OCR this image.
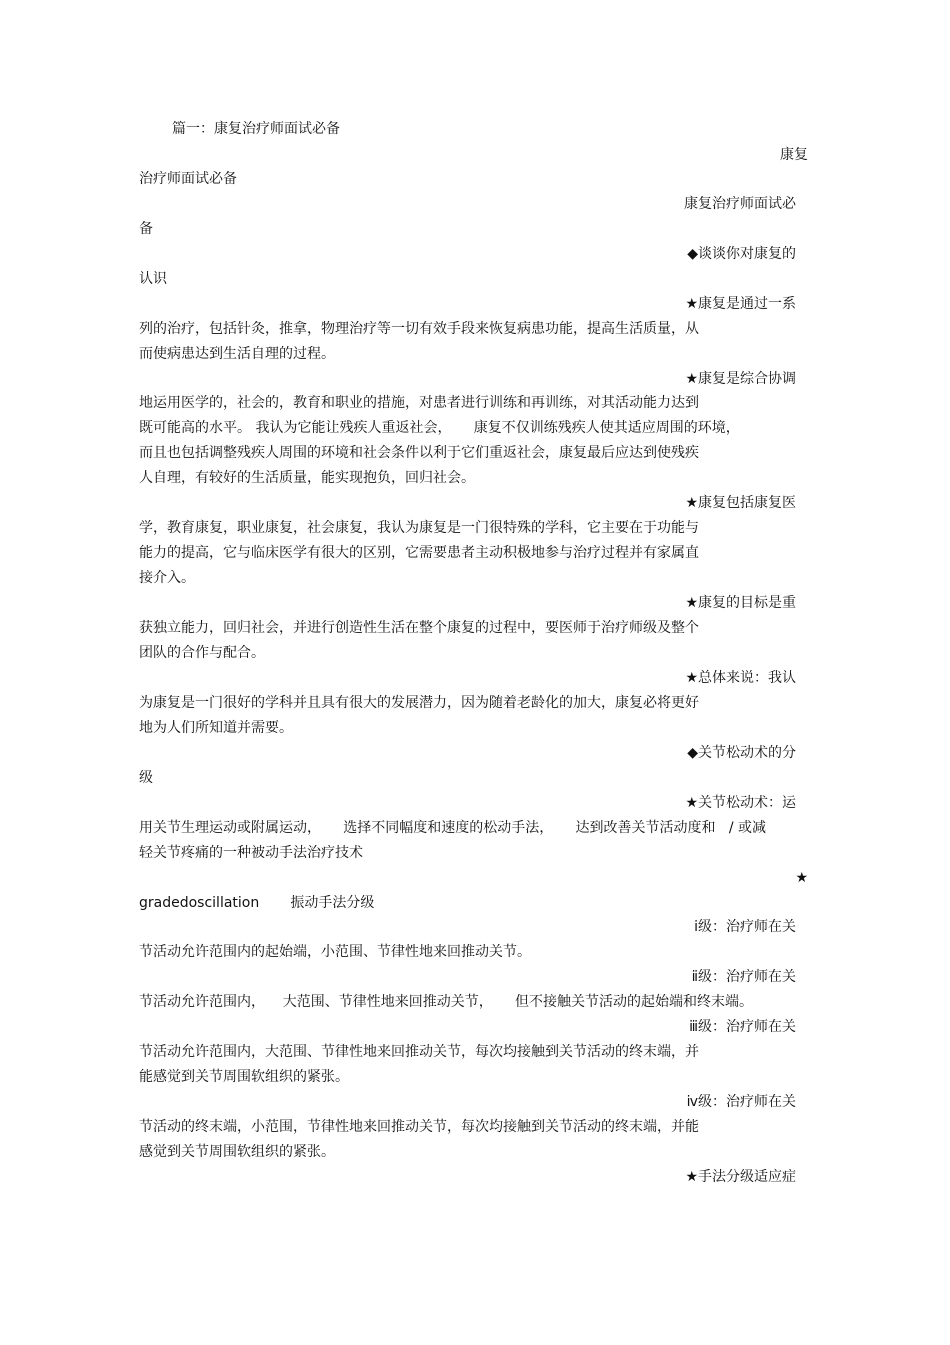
篇一：康复治疗师面试必备
康复
治疗师面试必备
康复治疗师面试必
备
◆谈谈你对康复的
认识
★康复是通过一系
列的治疗，包括针灸，推拿，物理治疗等一切有效手段来恢复病患功能，提高生活质量，从
而使病患达到生活自理的过程。
★康复是综合协调
地运用医学的，社会的，教育和职业的措施，对患者进行训练和再训练，对其活动能力达到
既可能高的水平。 我认为它能让残疾人重返社会，     康复不仅训练残疾人使其适应周围的环境，
而且也包括调整残疾人周围的环境和社会条件以利于它们重返社会，康复最后应达到使残疾
人自理，有较好的生活质量，能实现抱负，回归社会。
★康复包括康复医
学，教育康复，职业康复，社会康复，我认为康复是一门很特殊的学科，它主要在于功能与
能力的提高，它与临床医学有很大的区别，它需要患者主动积极地参与治疗过程并有家属直
接介入。
★康复的目标是重
获独立能力，回归社会，并进行创造性生活在整个康复的过程中，要医师于治疗师级及整个
团队的合作与配合。
★总体来说：我认
为康复是一门很好的学科并且具有很大的发展潜力，因为随着老龄化的加大，康复必将更好
地为人们所知道并需要。
◆关节松动术的分
级
★关节松动术：运
用关节生理运动或附属运动，     选择不同幅度和速度的松动手法，     达到改善关节活动度和   / 或减
轻关节疼痛的一种被动手法治疗技术
★
gradedoscillation       振动手法分级
ⅰ级：治疗师在关
节活动允许范围内的起始端，小范围、节律性地来回推动关节。
ⅱ级：治疗师在关
节活动允许范围内，    大范围、节律性地来回推动关节，     但不接触关节活动的起始端和终末端。
ⅲ级：治疗师在关
节活动允许范围内，大范围、节律性地来回推动关节，每次均接触到关节活动的终末端，并
能感觉到关节周围软组织的紧张。
ⅳ级：治疗师在关
节活动的终末端，小范围，节律性地来回推动关节，每次均接触到关节活动的终末端，并能
感觉到关节周围软组织的紧张。
★手法分级适应症
